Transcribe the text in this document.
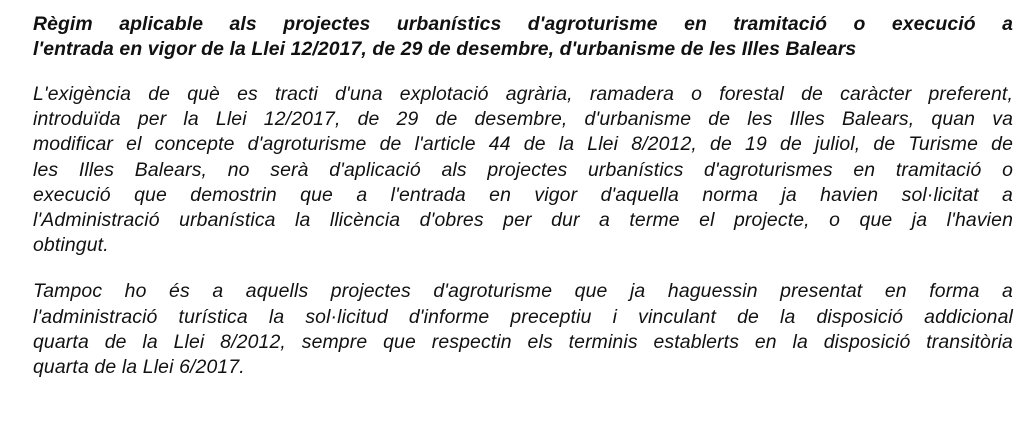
Règim aplicable als projectes urbanístics d'agroturisme en tramitació o execució a
l'entrada en vigor de la Llei 12/2017, de 29 de desembre, d'urbanisme de les Illes Balears
L'exigència de què es tracti d'una explotació agrària, ramadera o forestal de caràcter preferent,
introduïda per la Llei 12/2017, de 29 de desembre, d'urbanisme de les Illes Balears, quan va
modificar el concepte d'agroturisme de l'article 44 de la Llei 8/2012, de 19 de juliol, de Turisme de
les Illes Balears, no serà d'aplicació als projectes urbanístics d'agroturismes en tramitació o
execució que demostrin que a l'entrada en vigor d'aquella norma ja havien sol·licitat a
l'Administració urbanística la llicència d'obres per dur a terme el projecte, o que ja l'havien
obtingut.
Tampoc ho és a aquells projectes d'agroturisme que ja haguessin presentat en forma a
l'administració turística la sol·licitud d'informe preceptiu i vinculant de la disposició addicional
quarta de la Llei 8/2012, sempre que respectin els terminis establerts en la disposició transitòria
quarta de la Llei 6/2017.
